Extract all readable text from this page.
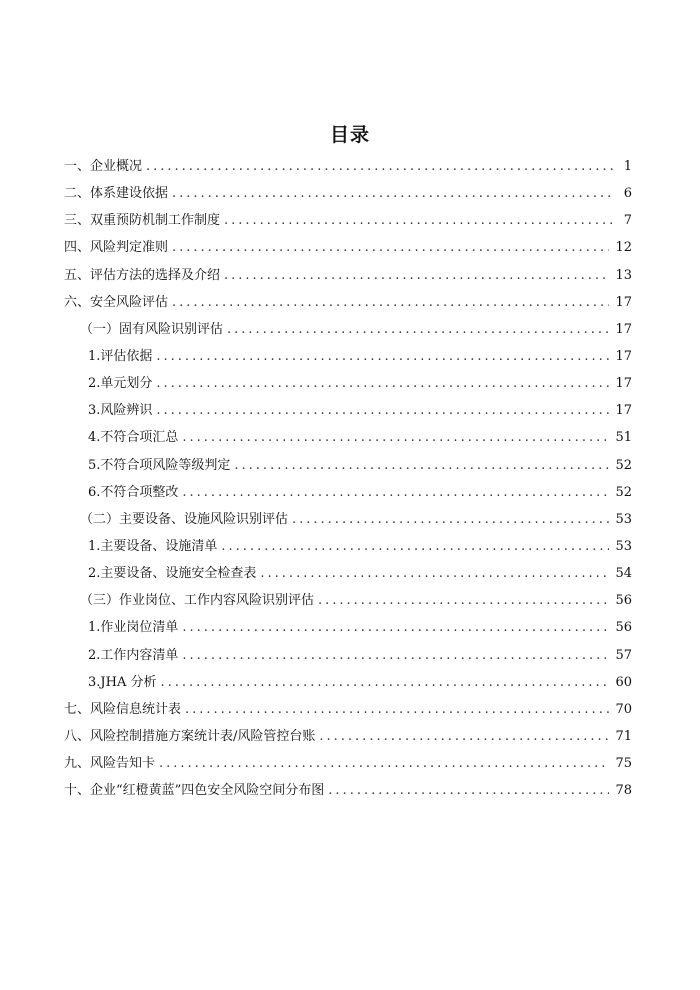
目录
一、企业概况 .....	1
二、体系建设依据 .....	6
三、双重预防机制工作制度 .....	7
四、风险判定准则 .....	12
五、评估方法的选择及介绍 .....	13
六、安全风险评估 .....	17
（一）固有风险识别评估 .....	17
1.评估依据 .....	17
2.单元划分 .....	17
3.风险辨识 .....	17
4.不符合项汇总 .....	51
5.不符合项风险等级判定 .....	52
6.不符合项整改 .....	52
（二）主要设备、设施风险识别评估 .....	53
1.主要设备、设施清单 .....	53
2.主要设备、设施安全检查表 .....	54
（三）作业岗位、工作内容风险识别评估 .....	56
1.作业岗位清单 .....	56
2.工作内容清单 .....	57
3.JHA 分析 .....	60
七、风险信息统计表 .....	70
八、风险控制措施方案统计表/风险管控台账 .....	71
九、风险告知卡 .....	75
十、企业“红橙黄蓝”四色安全风险空间分布图 .....	78
